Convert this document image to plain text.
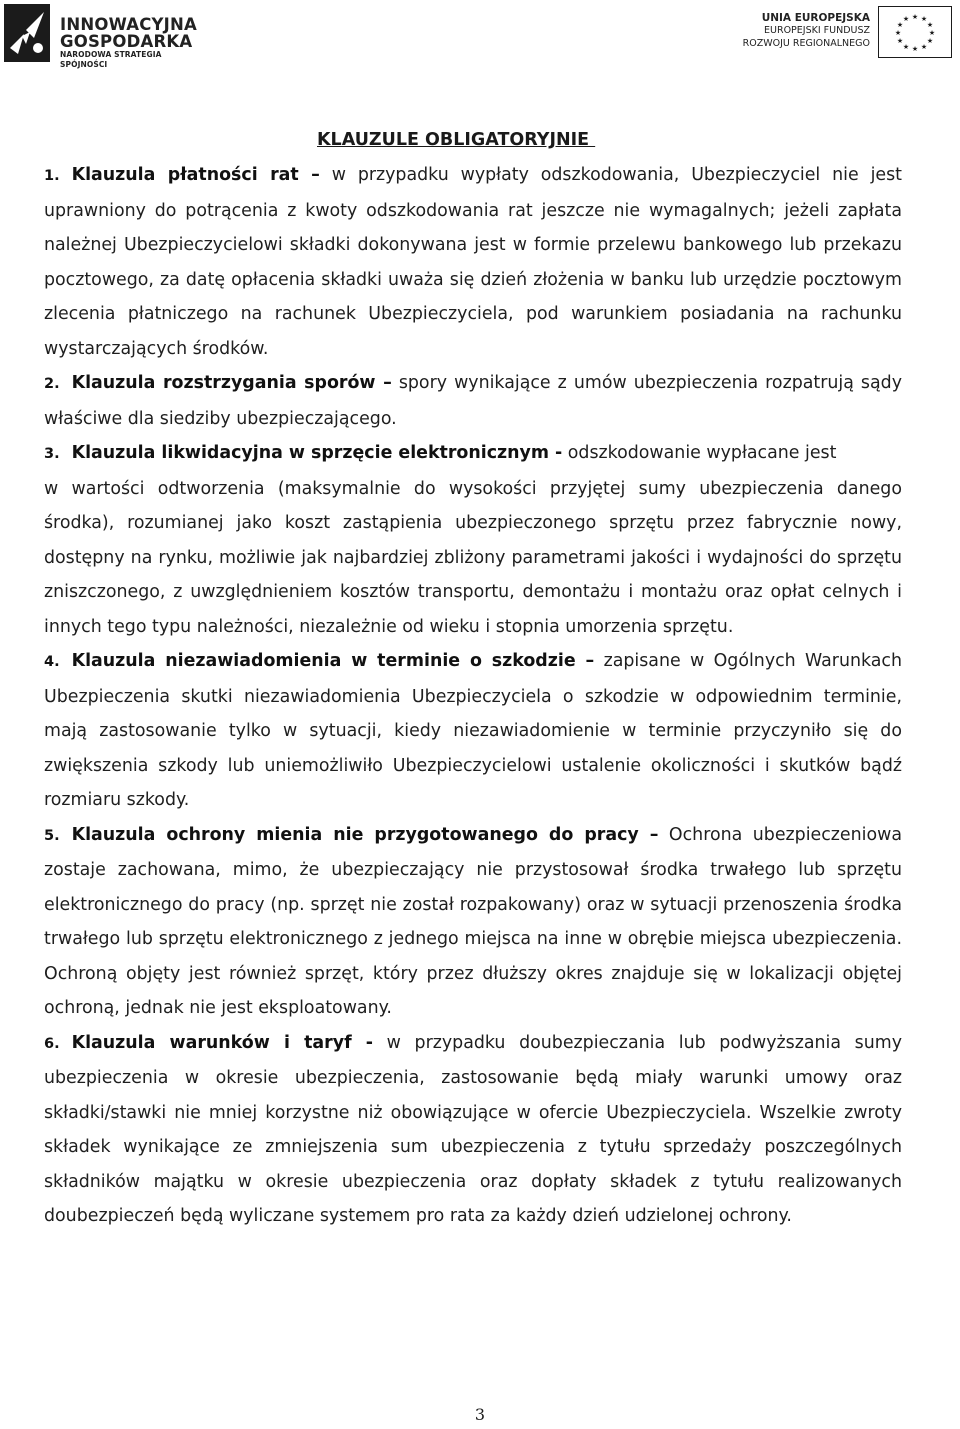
INNOWACYJNA
GOSPODARKA
NARODOWA STRATEGIA SPÓJNOŚCI
UNIA EUROPEJSKA
EUROPEJSKI FUNDUSZ
ROZWOJU REGIONALNEGO
★ ★
★
★
★
★
★
★
★
★
★
★
KLAUZULE OBLIGATORYJNIE

1. Klauzula płatności rat – w przypadku wypłaty odszkodowania, Ubezpieczyciel nie jest uprawniony do potrącenia z kwoty odszkodowania rat jeszcze nie wymagalnych; jeżeli zapłata należnej Ubezpieczycielowi składki dokonywana jest w formie przelewu bankowego lub przekazu pocztowego, za datę opłacenia składki uważa się dzień złożenia w banku lub urzędzie pocztowym zlecenia płatniczego na rachunek Ubezpieczyciela, pod warunkiem posiadania na rachunku wystarczających środków.

2. Klauzula rozstrzygania sporów – spory wynikające z umów ubezpieczenia rozpatrują sądy właściwe dla siedziby ubezpieczającego.

3. Klauzula likwidacyjna w sprzęcie elektronicznym - odszkodowanie wypłacane jest

w wartości odtworzenia (maksymalnie do wysokości przyjętej sumy ubezpieczenia danego środka), rozumianej jako koszt zastąpienia ubezpieczonego sprzętu przez fabrycznie nowy, dostępny na rynku, możliwie jak najbardziej zbliżony parametrami jakości i wydajności do sprzętu zniszczonego, z uwzględnieniem kosztów transportu, demontażu i montażu oraz opłat celnych i innych tego typu należności, niezależnie od wieku i stopnia umorzenia sprzętu.

4. Klauzula niezawiadomienia w terminie o szkodzie – zapisane w Ogólnych Warunkach Ubezpieczenia skutki niezawiadomienia Ubezpieczyciela o szkodzie w odpowiednim terminie, mają zastosowanie tylko w sytuacji, kiedy niezawiadomienie w terminie przyczyniło się do zwiększenia szkody lub uniemożliwiło Ubezpieczycielowi ustalenie okoliczności i skutków bądź rozmiaru szkody.

5. Klauzula ochrony mienia nie przygotowanego do pracy – Ochrona ubezpieczeniowa zostaje zachowana, mimo, że ubezpieczający nie przystosował środka trwałego lub sprzętu elektronicznego do pracy (np. sprzęt nie został rozpakowany) oraz w sytuacji przenoszenia środka trwałego lub sprzętu elektronicznego z jednego miejsca na inne w obrębie miejsca ubezpieczenia. Ochroną objęty jest również sprzęt, który przez dłuższy okres znajduje się w lokalizacji objętej ochroną, jednak nie jest eksploatowany.

6. Klauzula warunków i taryf - w przypadku doubezpieczania lub podwyższania sumy ubezpieczenia w okresie ubezpieczenia, zastosowanie będą miały warunki umowy oraz składki/stawki nie mniej korzystne niż obowiązujące w ofercie Ubezpieczyciela. Wszelkie zwroty składek wynikające ze zmniejszenia sum ubezpieczenia z tytułu sprzedaży poszczególnych składników majątku w okresie ubezpieczenia oraz dopłaty składek z tytułu realizowanych doubezpieczeń będą wyliczane systemem pro rata za każdy dzień udzielonej ochrony.

3
